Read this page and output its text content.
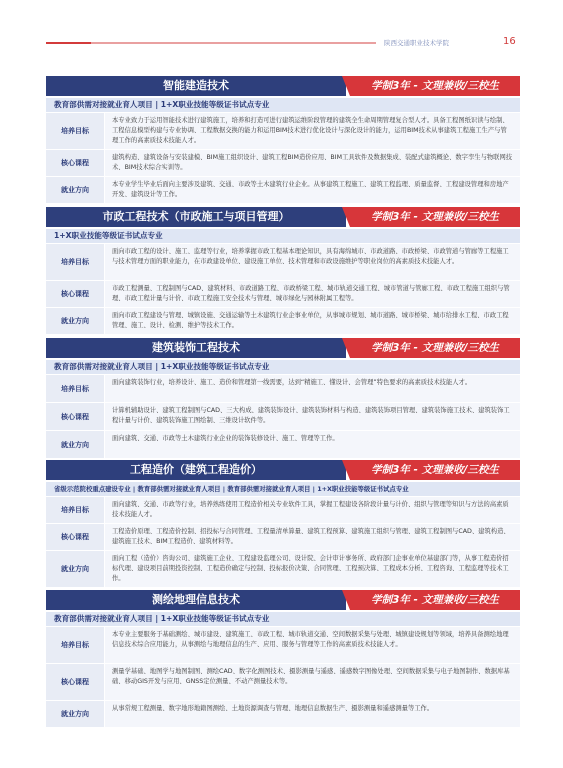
陕西交通职业技术学院	16
智能建造技术	学制3年 - 文理兼收/三校生
教育部供需对接就业育人项目 | 1+X职业技能等级证书试点专业
培养目标
本专业致力于运用智能技术进行建筑施工，培养和打造可进行建筑运维阶段管理的建筑全生命周期管理复合型人才。具备工程图纸识读与绘制、工程信息模型构建与专业协调、工程数据交换的能力和运用BIM技术进行优化设计与深化设计的能力，运用BIM技术从事建筑工程施工生产与管理工作的高素质技术技能人才。
核心课程
建筑构造、建筑设备与安装建模、BIM施工组织设计、建筑工程BIM造价应用、BIM工具软件及数据集成、装配式建筑概论、数字孪生与物联网技术、BIM技术综合实训等。
就业方向
本专业学生毕业后面向主要涉及建筑、交通、市政等土木建筑行业企业。从事建筑工程施工、建筑工程监理、质量监督、工程建设管理和房地产开发、建筑设计等工作。
市政工程技术（市政施工与项目管理）	学制3年 - 文理兼收/三校生
1+X职业技能等级证书试点专业
培养目标
面向市政工程的设计、施工、监理等行业，培养掌握市政工程基本理论知识，具有海绵城市、市政道路、市政桥梁、市政管道与管廊等工程施工与技术管理方面的职业能力，在市政建设单位、建设施工单位、技术管理和市政设施维护等职业岗位的高素质技术技能人才。
核心课程
市政工程测量、工程制图与CAD、建筑材料、市政道路工程、市政桥梁工程、城市轨道交通工程、城市管道与管廊工程、市政工程施工组织与管理、市政工程计量与计价、市政工程施工安全技术与管理、城市绿化与园林附属工程等。
就业方向
面向市政工程建设与管理、城镇设施、交通运输等土木建筑行业企事业单位，从事城市规划、城市道路、城市桥梁、城市给排水工程、市政工程管理、施工、设计、检测、维护等技术工作。
建筑装饰工程技术	学制3年 - 文理兼收/三校生
教育部供需对接就业育人项目 | 1+X职业技能等级证书试点专业
培养目标
面向建筑装饰行业，培养设计、施工、造价和管理第一线需要，达到“精施工、懂设计、会管理”特色要求的高素质技术技能人才。
核心课程
计算机辅助设计、建筑工程制图与CAD、三大构成、建筑装饰设计、建筑装饰材料与构造、建筑装饰项目管理、建筑装饰施工技术、建筑装饰工程计量与计价、建筑装饰施工图绘制、三维设计软件等。
就业方向
面向建筑、交通、市政等土木建筑行业企业的装饰装修设计、施工、管理等工作。
工程造价（建筑工程造价）	学制3年 - 文理兼收/三校生
省级示范院校重点建设专业 | 教育部供需对接就业育人项目 | 教育部供需对接就业育人项目 | 1+X职业技能等级证书试点专业
培养目标
面向建筑、交通、市政等行业，培养熟练使用工程造价相关专业软件工具，掌握工程建设各阶段计量与计价、组织与管理等知识与方法的高素质技术技能人才。
核心课程
工程造价原理、工程造价控制、招投标与合同管理、工程量清单算量、建筑工程预算、建筑施工组织与管理、建筑工程制图与CAD、建筑构造、建筑施工技术、BIM工程造价、建筑材料等。
就业方向
面向工程（造价）咨询公司、建筑施工企业、工程建设监理公司、设计院、会计审计事务所、政府部门企事业单位基建部门等，从事工程造价招标代理、建设项目前期投资控制、工程造价确定与控制、投标报价决策、合同管理、工程预决算、工程成本分析、工程咨询、工程监理等技术工作。
测绘地理信息技术	学制3年 - 文理兼收/三校生
教育部供需对接就业育人项目 | 1+X职业技能等级证书试点专业
培养目标
本专业主要服务于基础测绘、城市建设、建筑施工、市政工程、城市轨道交通、空间数据采集与处理、城镇建设规划等领域，培养具备测绘地理信息技术综合应用能力，从事测绘与地理信息的生产、应用、服务与管理等工作的高素质技术技能人才。
核心课程
测量学基础、地图学与地图制图、测绘CAD、数字化测图技术、摄影测量与遥感、遥感数字图像处理、空间数据采集与电子地图制作、数据库基础、移动GIS开发与应用、GNSS定位测量、不动产测量技术等。
就业方向
从事常规工程测量、数字地形地籍图测绘、土地资源调查与管理、地理信息数据生产、摄影测量和遥感测量等工作。
